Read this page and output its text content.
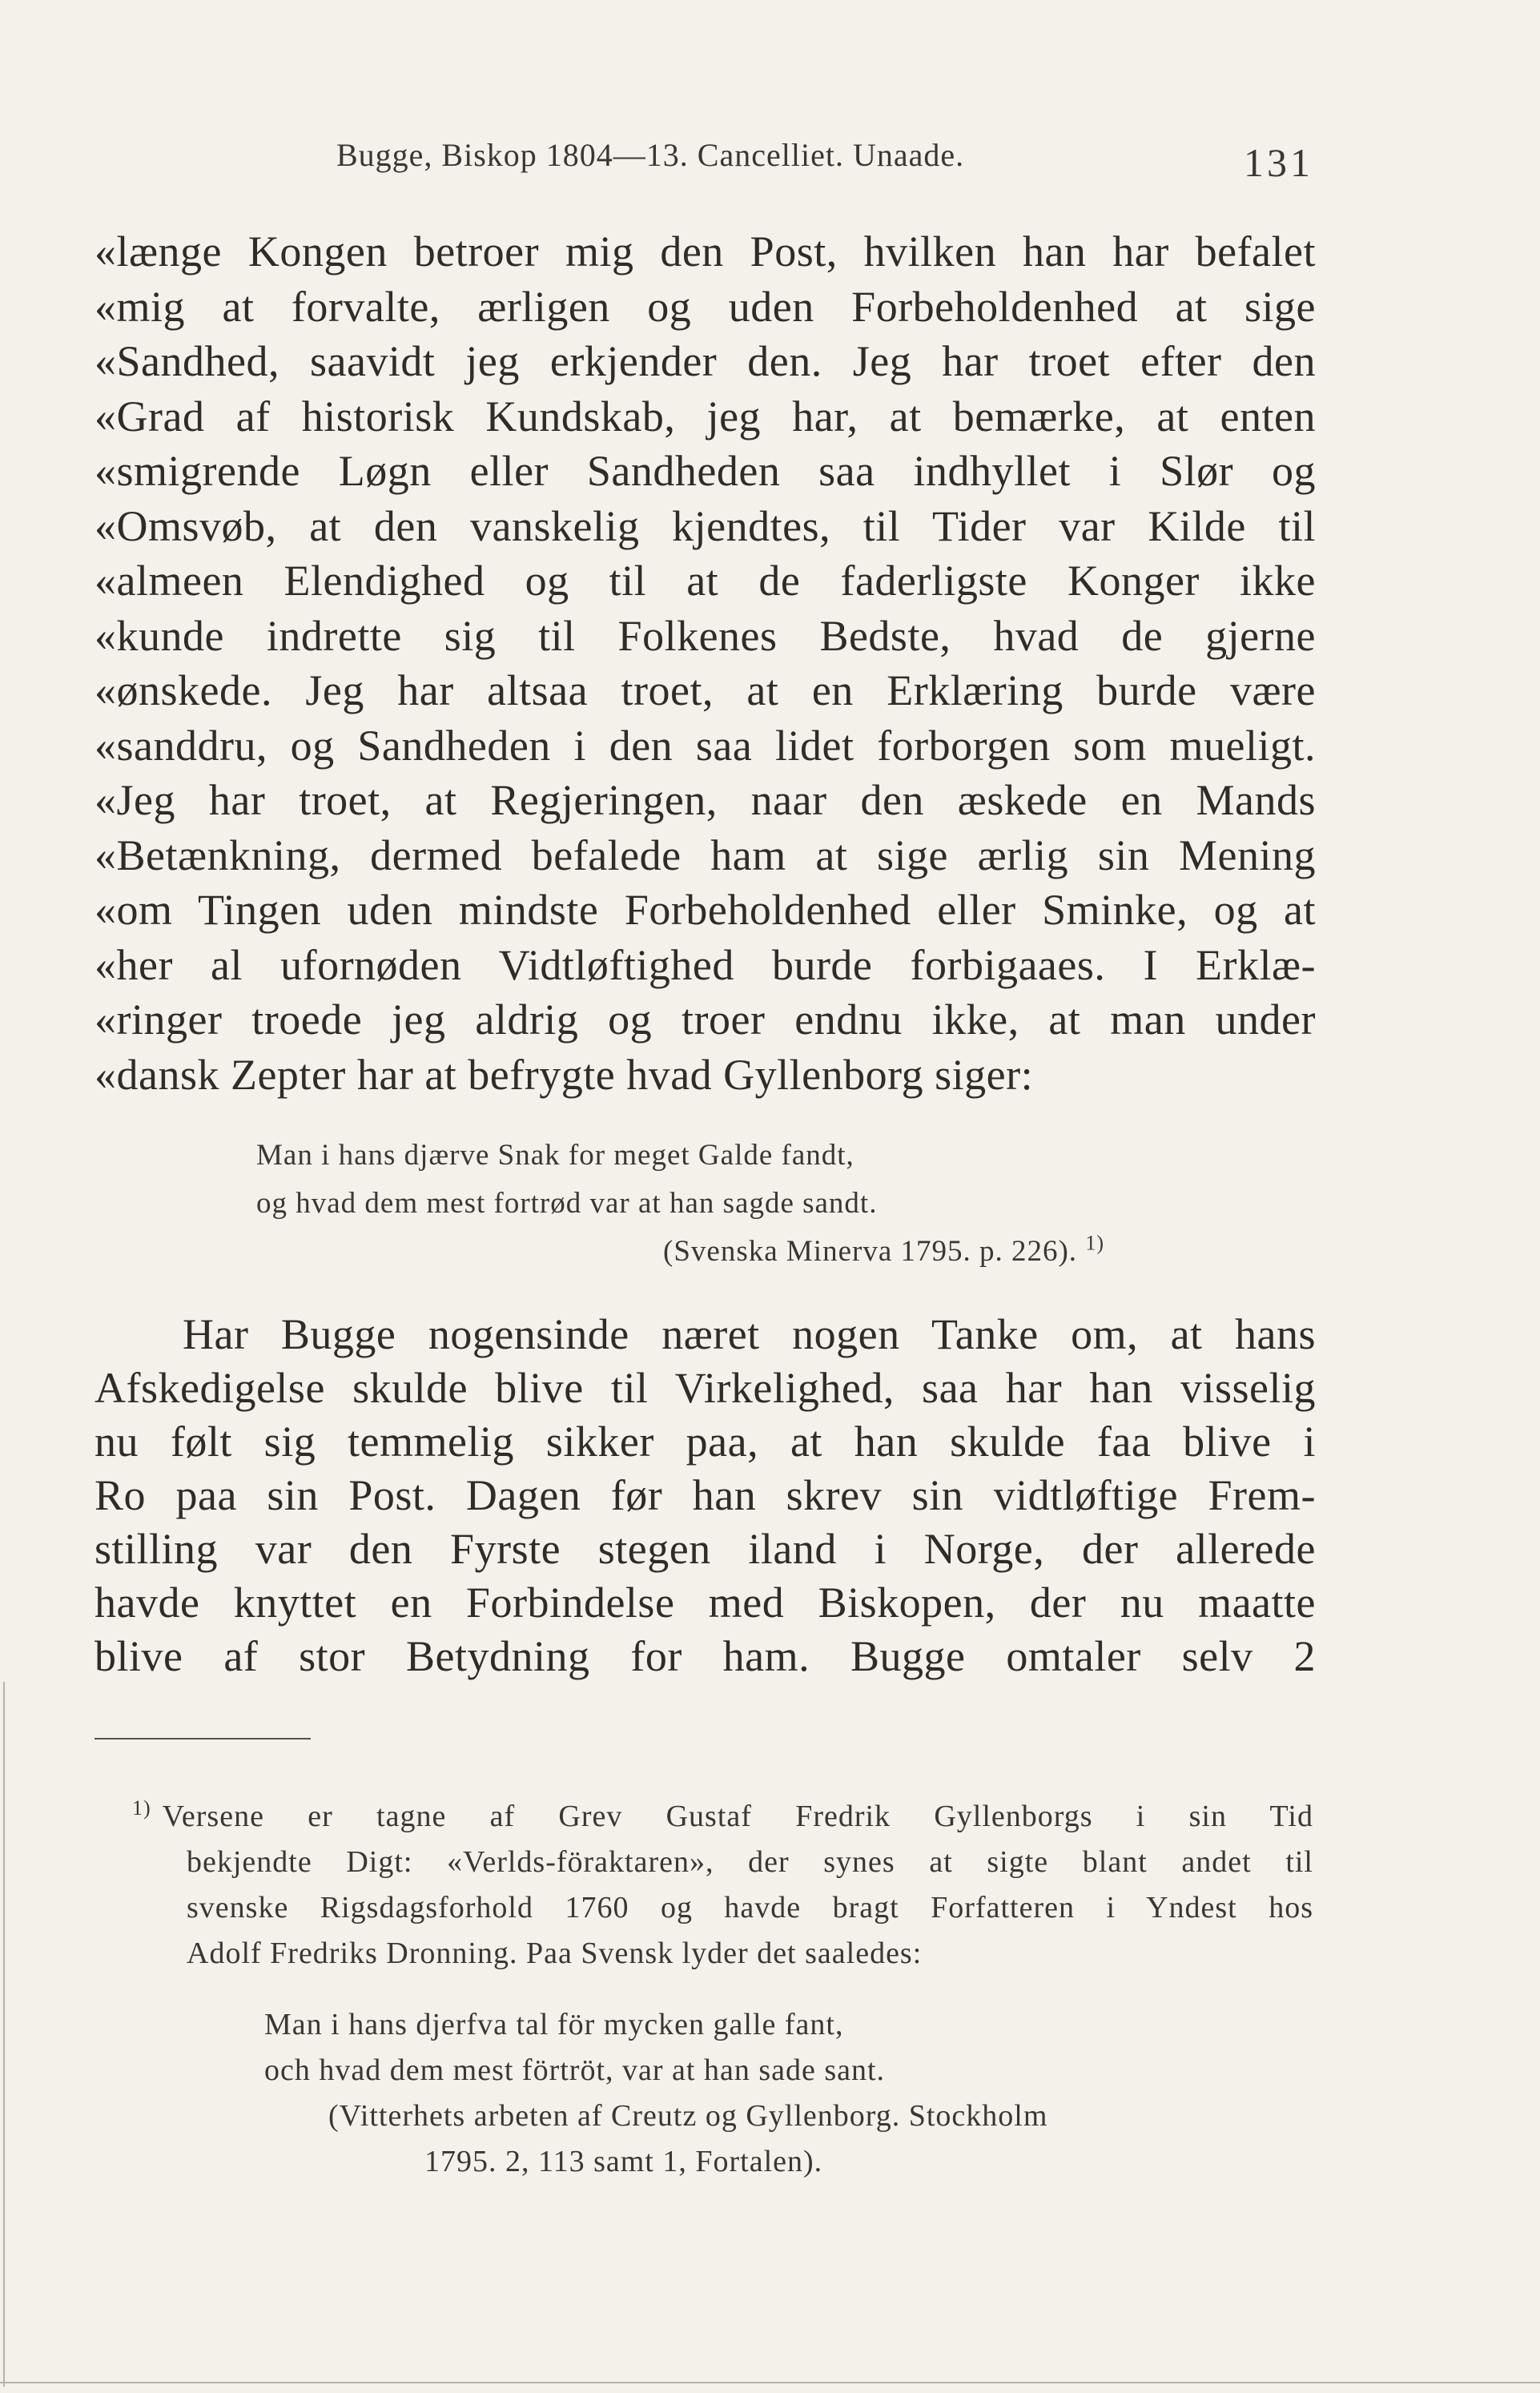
Bugge, Biskop 1804—13. Cancelliet. Unaade.	131
«længe Kongen betroer mig den Post, hvilken han har befalet
«mig at forvalte, ærligen og uden Forbeholdenhed at sige
«Sandhed, saavidt jeg erkjender den. Jeg har troet efter den
«Grad af historisk Kundskab, jeg har, at bemærke, at enten
«smigrende Løgn eller Sandheden saa indhyllet i Slør og
«Omsvøb, at den vanskelig kjendtes, til Tider var Kilde til
«almeen Elendighed og til at de faderligste Konger ikke
«kunde indrette sig til Folkenes Bedste, hvad de gjerne
«ønskede. Jeg har altsaa troet, at en Erklæring burde være
«sanddru, og Sandheden i den saa lidet forborgen som mueligt.
«Jeg har troet, at Regjeringen, naar den æskede en Mands
«Betænkning, dermed befalede ham at sige ærlig sin Mening
«om Tingen uden mindste Forbeholdenhed eller Sminke, og at
«her al ufornøden Vidtløftighed burde forbigaaes. I Erklæ-
«ringer troede jeg aldrig og troer endnu ikke, at man under
«dansk Zepter har at befrygte hvad Gyllenborg siger:
Man i hans djærve Snak for meget Galde fandt,
og hvad dem mest fortrød var at han sagde sandt.
(Svenska Minerva 1795. p. 226). $^{1)}$
Har Bugge nogensinde næret nogen Tanke om, at hans
Afskedigelse skulde blive til Virkelighed, saa har han visselig
nu følt sig temmelig sikker paa, at han skulde faa blive i
Ro paa sin Post. Dagen før han skrev sin vidtløftige Frem-
stilling var den Fyrste stegen iland i Norge, der allerede
havde knyttet en Forbindelse med Biskopen, der nu maatte
blive af stor Betydning for ham. Bugge omtaler selv 2
$^{1)}$ Versene er tagne af Grev Gustaf Fredrik Gyllenborgs i sin Tid
bekjendte Digt: «Verlds-föraktaren», der synes at sigte blant andet til
svenske Rigsdagsforhold 1760 og havde bragt Forfatteren i Yndest hos
Adolf Fredriks Dronning. Paa Svensk lyder det saaledes:
Man i hans djerfva tal för mycken galle fant,
och hvad dem mest förtröt, var at han sade sant.
(Vitterhets arbeten af Creutz og Gyllenborg. Stockholm
1795. 2, 113 samt 1, Fortalen).
